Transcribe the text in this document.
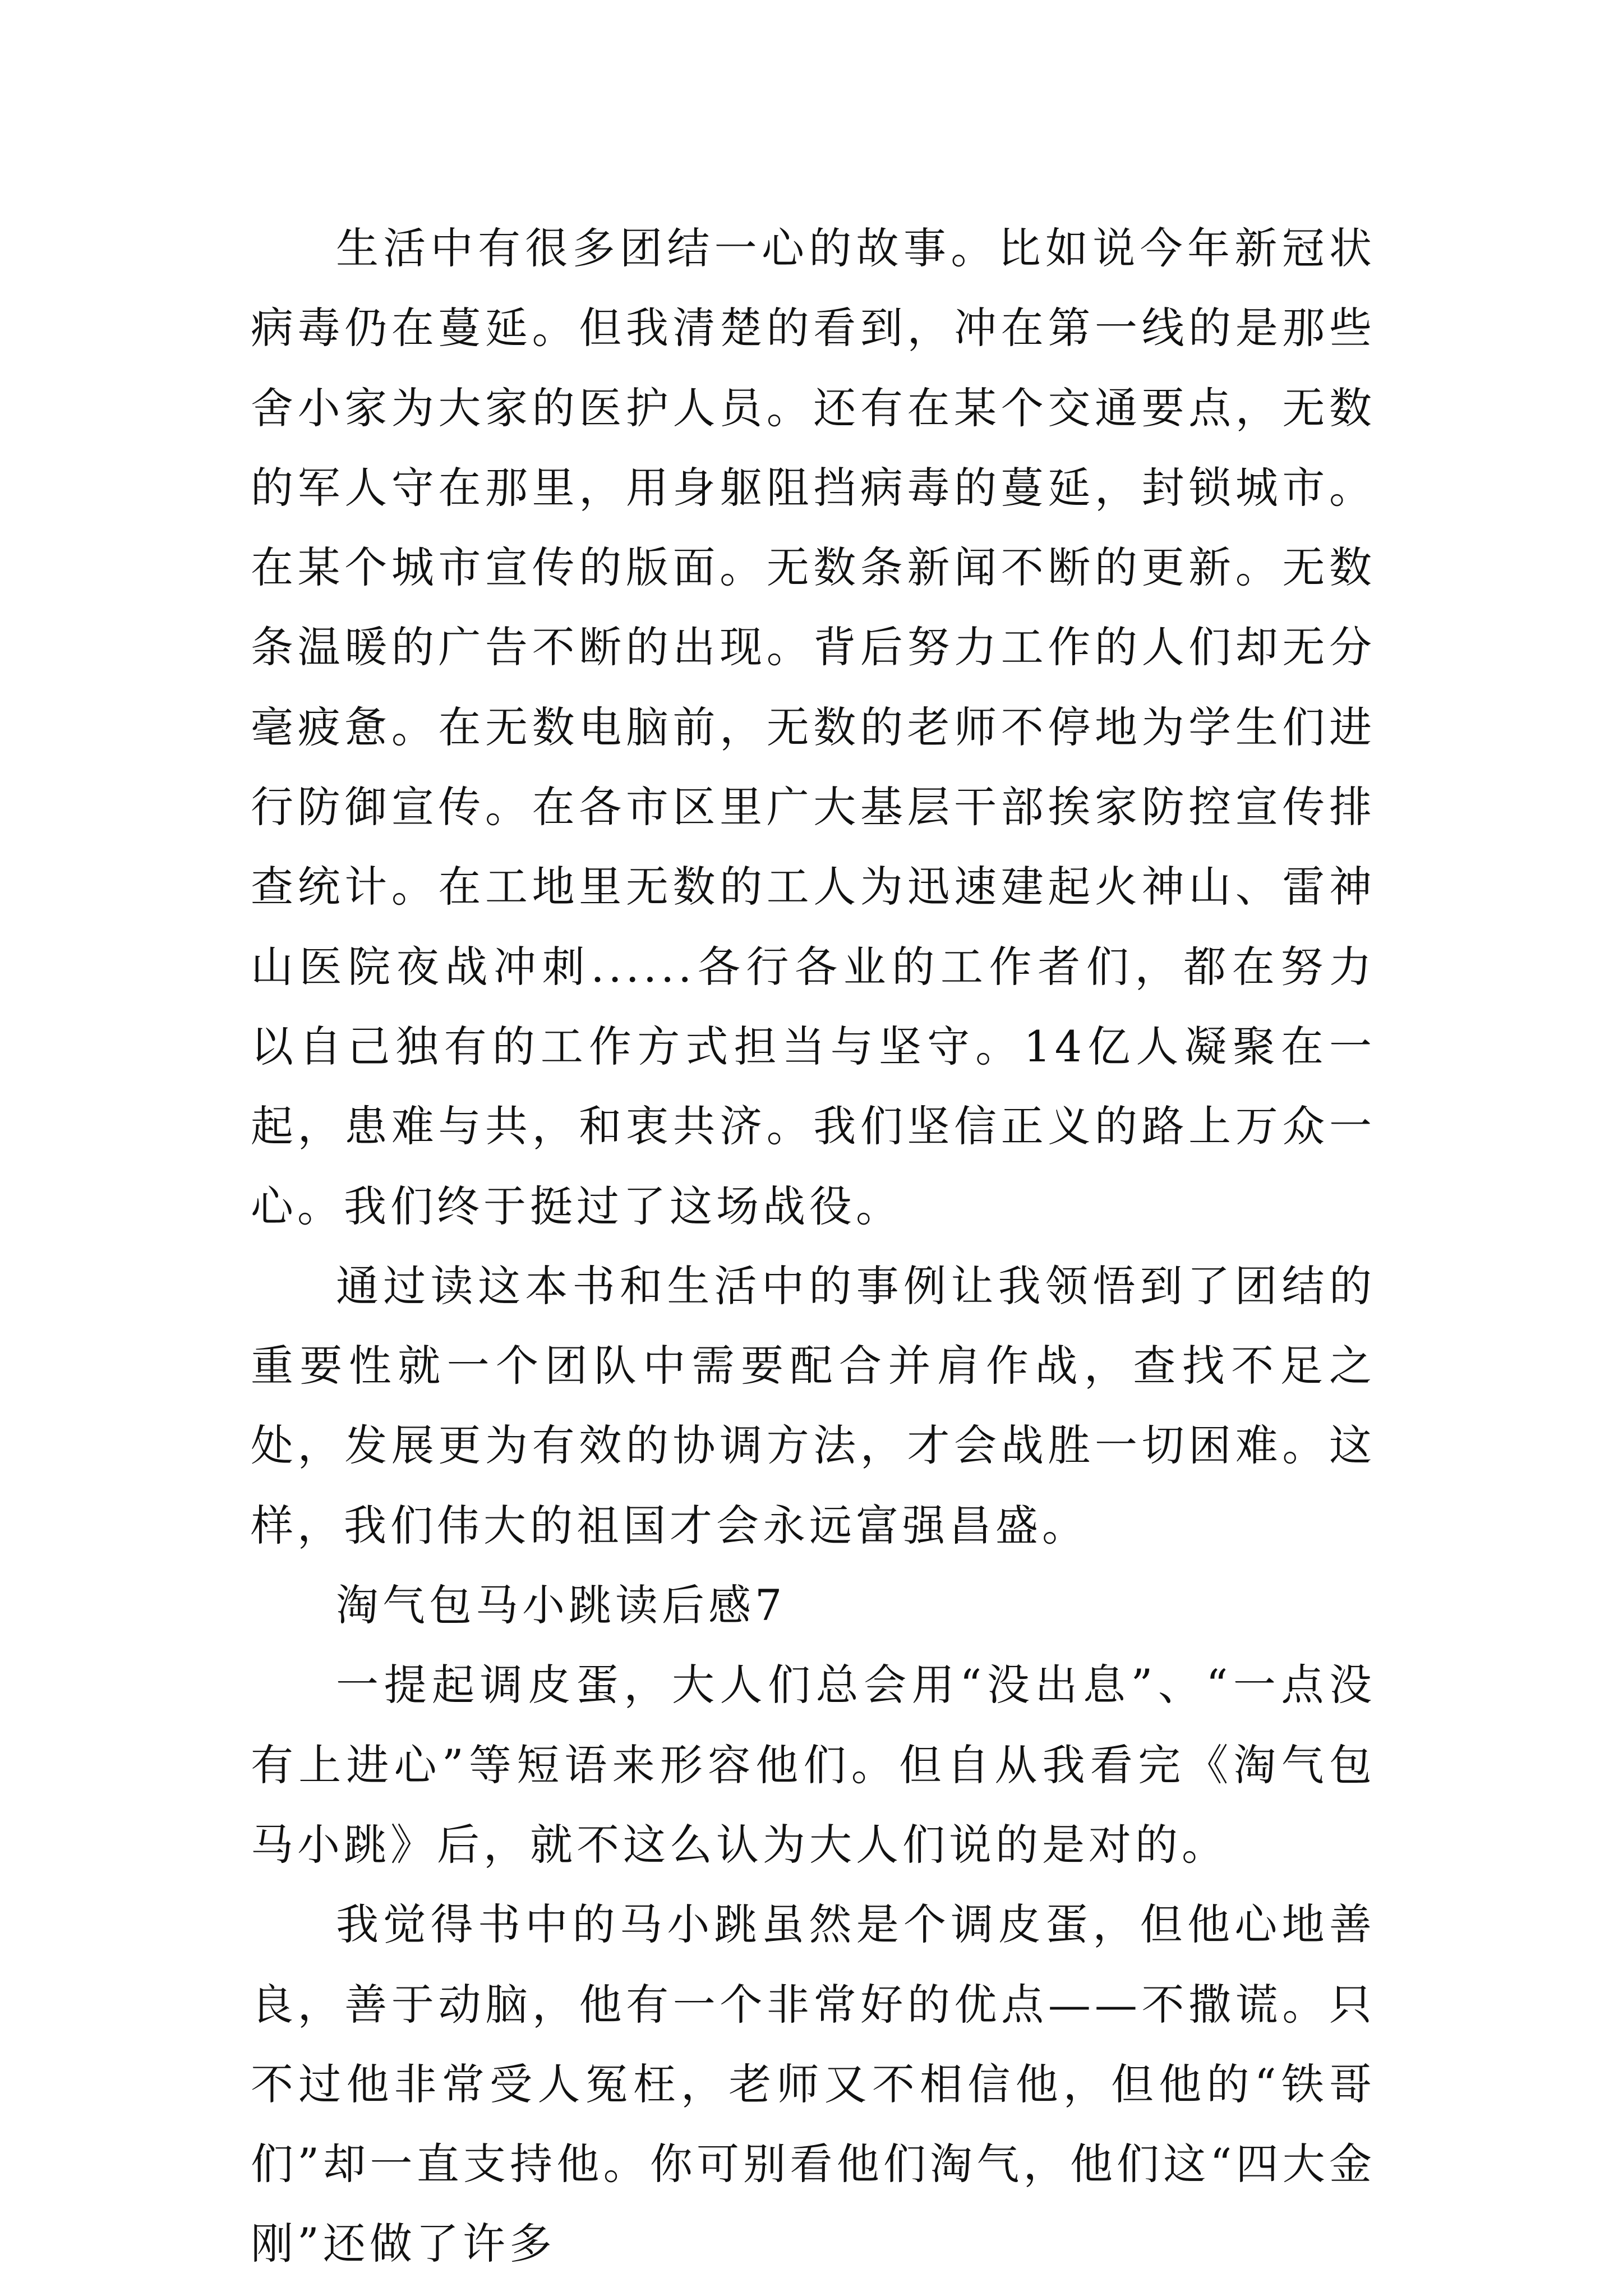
生活中有很多团结一心的故事。比如说今年新冠状病毒仍在蔓延。但我清楚的看到，冲在第一线的是那些舍小家为大家的医护人员。还有在某个交通要点，无数的军人守在那里，用身躯阻挡病毒的蔓延，封锁城市。在某个城市宣传的版面。无数条新闻不断的更新。无数条温暖的广告不断的出现。背后努力工作的人们却无分毫疲惫。在无数电脑前，无数的老师不停地为学生们进行防御宣传。在各市区里广大基层干部挨家防控宣传排查统计。在工地里无数的工人为迅速建起火神山、雷神山医院夜战冲刺......各行各业的工作者们，都在努力以自己独有的工作方式担当与坚守。14亿人凝聚在一起，患难与共，和衷共济。我们坚信正义的路上万众一心。我们终于挺过了这场战役。

通过读这本书和生活中的事例让我领悟到了团结的重要性就一个团队中需要配合并肩作战，查找不足之处，发展更为有效的协调方法，才会战胜一切困难。这样，我们伟大的祖国才会永远富强昌盛。

淘气包马小跳读后感7

一提起调皮蛋，大人们总会用“没出息”、“一点没有上进心”等短语来形容他们。但自从我看完《淘气包马小跳》后，就不这么认为大人们说的是对的。

我觉得书中的马小跳虽然是个调皮蛋，但他心地善良，善于动脑，他有一个非常好的优点——不撒谎。只不过他非常受人冤枉，老师又不相信他，但他的“铁哥们”却一直支持他。你可别看他们淘气，他们这“四大金刚”还做了许多
